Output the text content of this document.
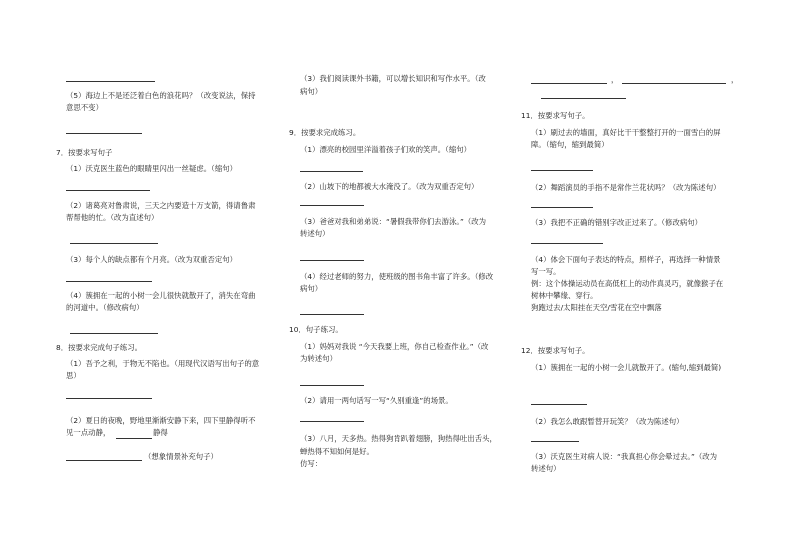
（5）海边上不是还泛着白色的浪花吗？（改变说法，保持
意思不变）
7．按要求写句子
（1）沃克医生蓝色的眼睛里闪出一丝疑虑。（缩句）
（2）诸葛亮对鲁肃说，三天之内要造十万支箭，得请鲁肃
帮帮他的忙。（改为直述句）
（3）每个人的缺点都有个月亮。（改为双重否定句）
（4）簇拥在一起的小树一会儿很快就散开了，消失在弯曲
的河道中。（修改病句）
8．按要求完成句子练习。
（1）吾予之利，于物无不陷也。（用现代汉语写出句子的意
思）
（2）夏日的夜晚，野地里渐渐安静下来，四下里静得听不
见一点动静，	静得
（想象情景补充句子）
（3）我们阅读课外书籍，可以增长知识和写作水平。（改
病句）
9．按要求完成练习。
（1）漂亮的校园里洋溢着孩子们欢的笑声。（缩句）
（2）山坡下的地都被大水淹没了。（改为双重否定句）
（3）爸爸对我和弟弟说：“暑假我带你们去游泳。”（改为
转述句）
（4）经过老师的努力，使班级的图书角丰富了许多。（修改
病句）
10．句子练习。
（1）妈妈对我说 “今天我要上班，你自己检查作业。”（改
为转述句）
（2）请用一两句话写一写“久别重逢”的场景。
（3）八月，天多热。热得狗肯趴着翅膀，狗热得吐出舌头，
蝉热得不知如何是好。
仿写：
，	，
11．按要求写句子。
（1）刷过去的墙面，真好比干干整整打开的一面雪白的屏
障。（缩句，缩到最简）
（2）舞蹈演员的手指不是常作兰花状吗？（改为陈述句）
（3）我把不正确的错别字改正过来了。（修改病句）
（4）体会下面句子表达的特点，照样子，再选择一种情景
写一写。
例：这个体操运动员在高低杠上的动作真灵巧，就像猴子在
树林中攀缘、穿行。
狗跑过去/太阳挂在天空/雪花在空中飘落
12．按要求写句子。
（1）簇拥在一起的小树一会儿就散开了。(缩句,缩到最简)
（2）我怎么敢跟暂替开玩笑？（改为陈述句）
（3）沃克医生对病人说：“我真担心你会晕过去。”（改为
转述句）
